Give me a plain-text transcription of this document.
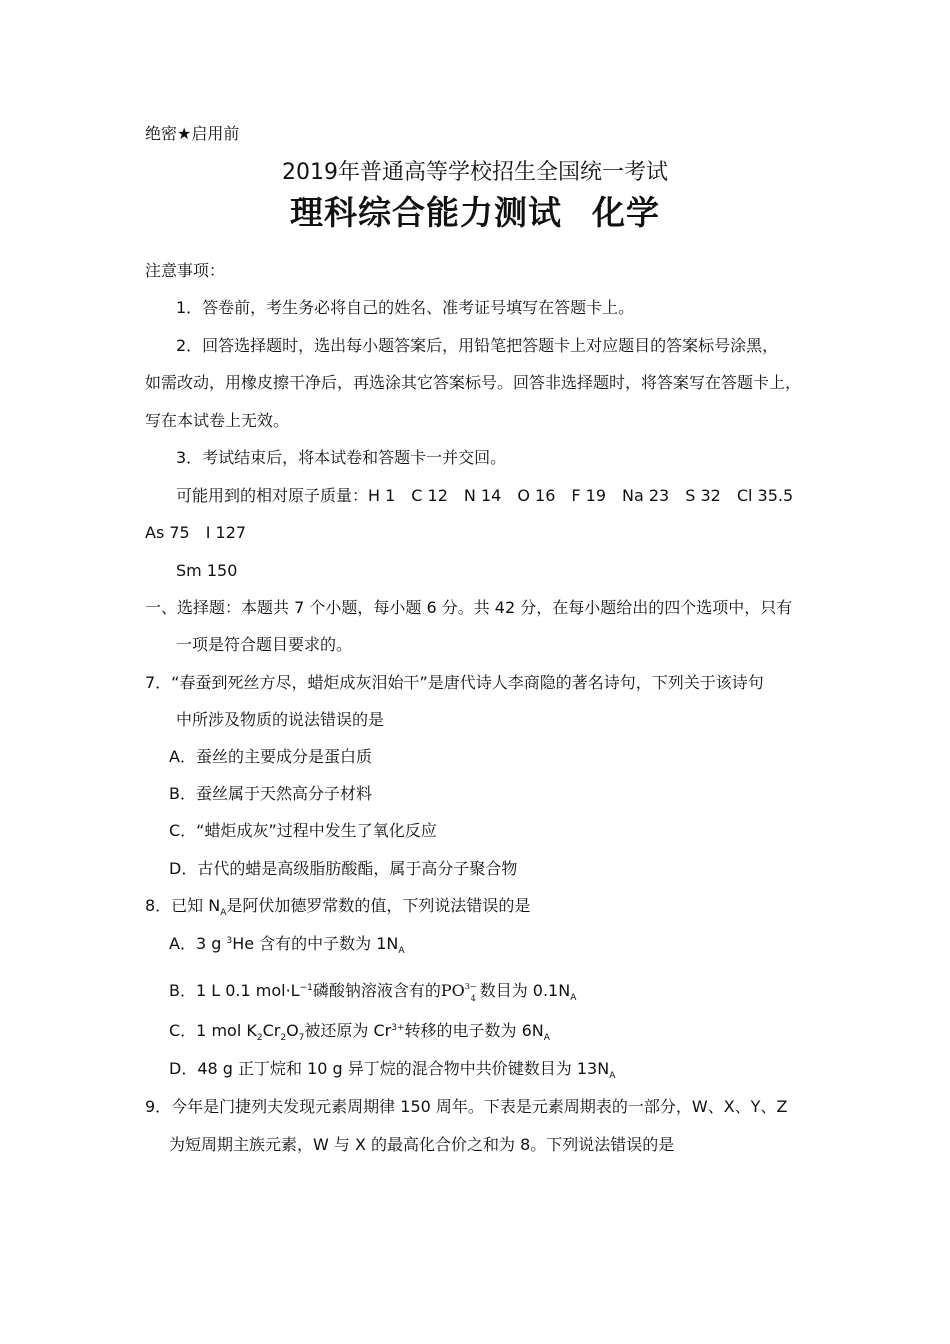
绝密★启用前
2019年普通高等学校招生全国统一考试
理科综合能力测试 化学
注意事项：
1．答卷前，考生务必将自己的姓名、准考证号填写在答题卡上。
2．回答选择题时，选出每小题答案后，用铅笔把答题卡上对应题目的答案标号涂黑，
如需改动，用橡皮擦干净后，再选涂其它答案标号。回答非选择题时，将答案写在答题卡上，
写在本试卷上无效。
3．考试结束后，将本试卷和答题卡一并交回。
可能用到的相对原子质量：H 1　C 12　N 14　O 16　F 19　Na 23　S 32　Cl 35.5
As 75　I 127
Sm 150
一、选择题：本题共 7 个小题，每小题 6 分。共 42 分，在每小题给出的四个选项中，只有
一项是符合题目要求的。
7．“春蚕到死丝方尽，蜡炬成灰泪始干”是唐代诗人李商隐的著名诗句，下列关于该诗句
中所涉及物质的说法错误的是
A．蚕丝的主要成分是蛋白质
B．蚕丝属于天然高分子材料
C．“蜡炬成灰”过程中发生了氧化反应
D．古代的蜡是高级脂肪酸酯，属于高分子聚合物
8．已知 $N_A$是阿伏加德罗常数的值，下列说法错误的是
A．3 g $^3$He 含有的中子数为 $1N_A$
B．1 L 0.1 $mol\cdot L^{-1}$磷酸钠溶液含有的$PO^{3-}_4$ 数目为 $0.1N_A$
C．1 mol $K_2Cr_2O_7$被还原为 $Cr^{3+}$转移的电子数为 $6N_A$
D．48 g 正丁烷和 10 g 异丁烷的混合物中共价键数目为 $13N_A$
9．今年是门捷列夫发现元素周期律 150 周年。下表是元素周期表的一部分，W、X、Y、Z
为短周期主族元素，W 与 X 的最高化合价之和为 8。下列说法错误的是
